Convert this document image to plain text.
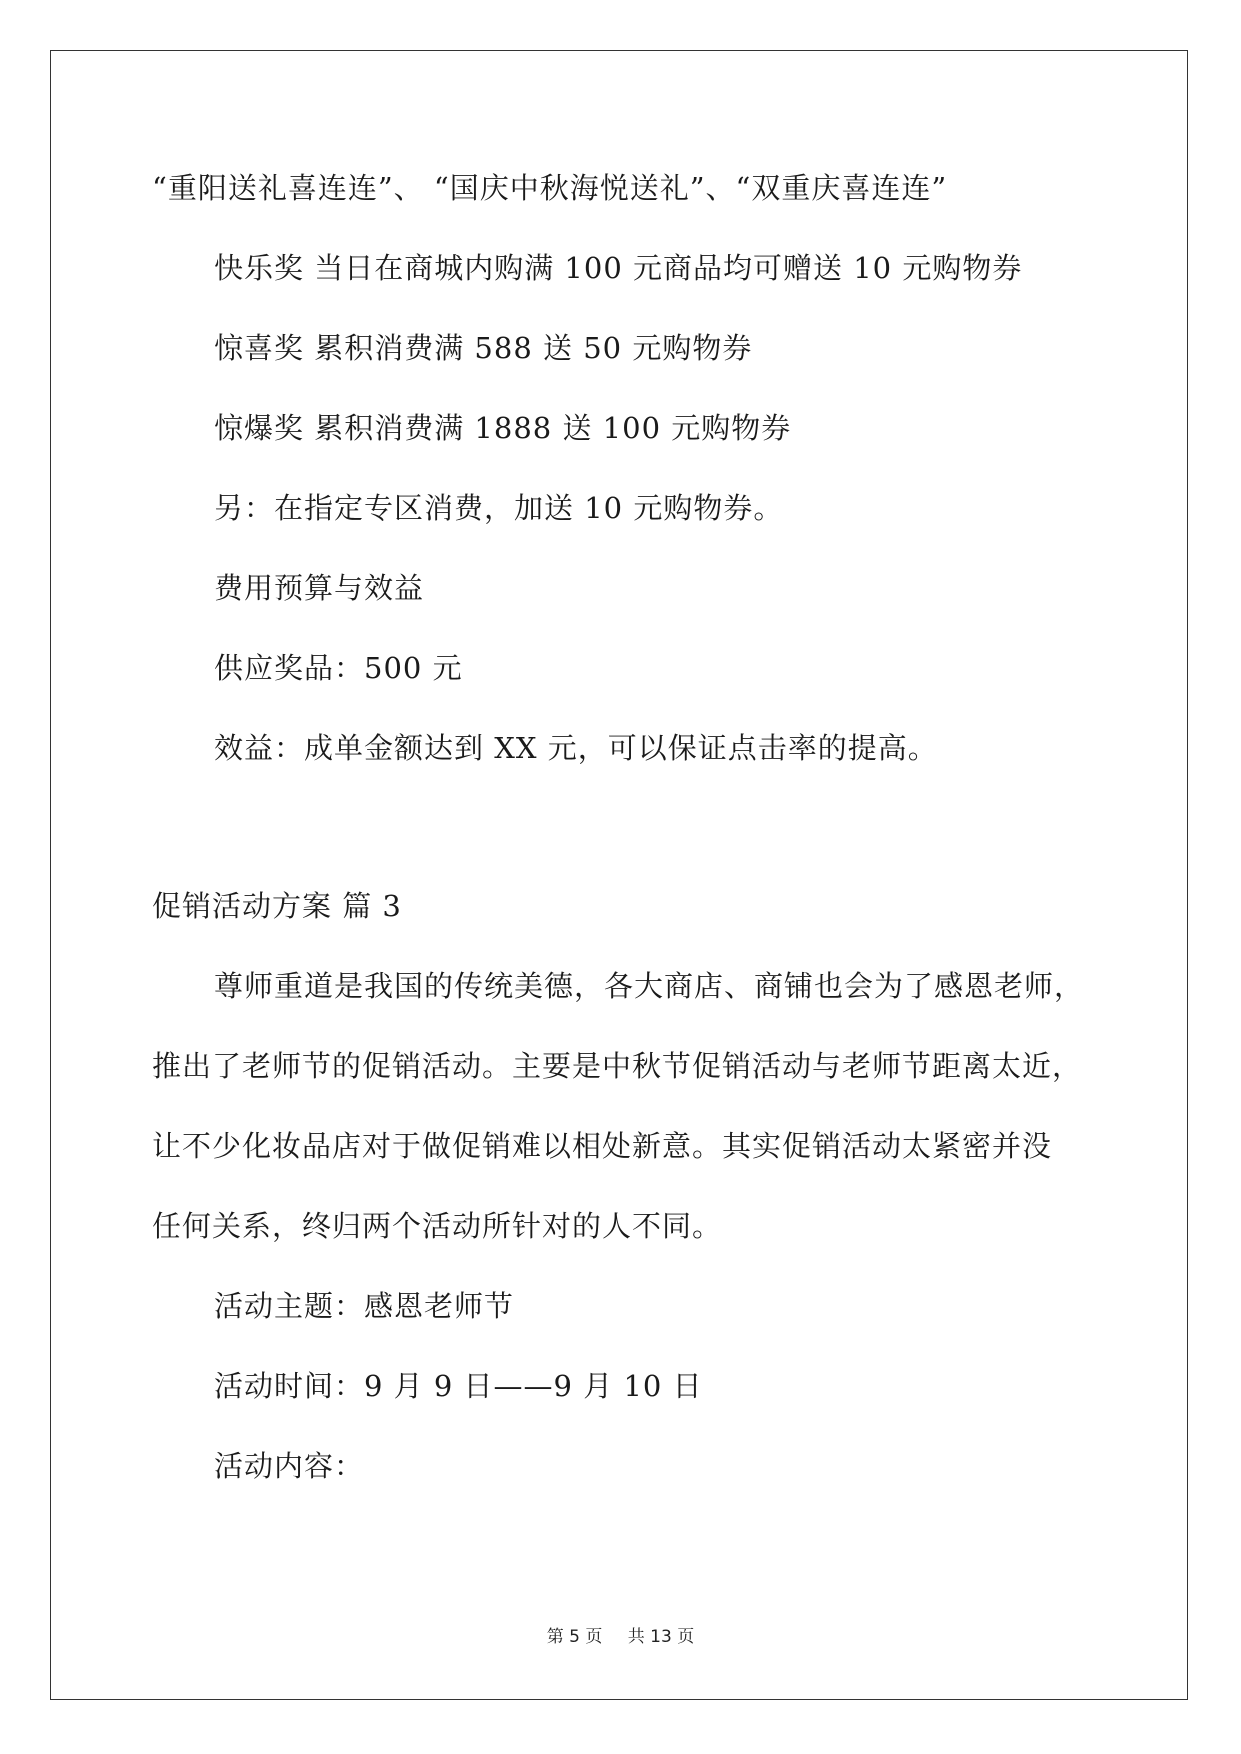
“重阳送礼喜连连”、 “国庆中秋海悦送礼”、“双重庆喜连连”
快乐奖 当日在商城内购满 100 元商品均可赠送 10 元购物券
惊喜奖 累积消费满 588 送 50 元购物券
惊爆奖 累积消费满 1888 送 100 元购物券
另：在指定专区消费，加送 10 元购物券。
费用预算与效益
供应奖品：500 元
效益：成单金额达到 XX 元，可以保证点击率的提高。
促销活动方案 篇 3
尊师重道是我国的传统美德，各大商店、商铺也会为了感恩老师，
推出了老师节的促销活动。主要是中秋节促销活动与老师节距离太近，
让不少化妆品店对于做促销难以相处新意。其实促销活动太紧密并没
任何关系，终归两个活动所针对的人不同。
活动主题：感恩老师节
活动时间：9 月 9 日——9 月 10 日
活动内容：
第 5 页 共 13 页
